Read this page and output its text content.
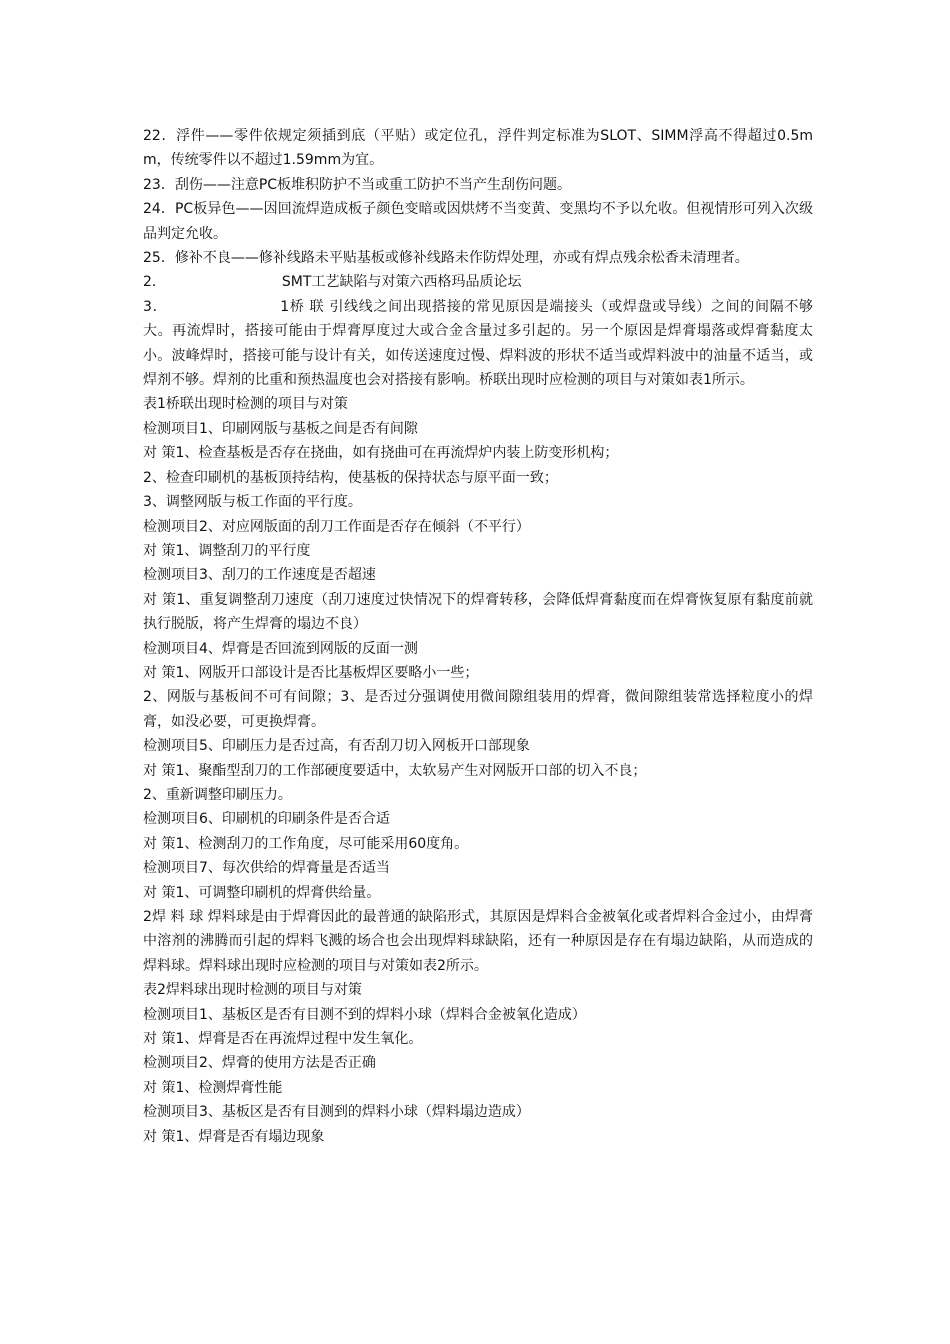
22．浮件——零件依规定须插到底（平贴）或定位孔，浮件判定标准为SLOT、SIMM浮高不得超过0.5mm，传统零件以不超过1.59mm为宜。

23．刮伤——注意PC板堆积防护不当或重工防护不当产生刮伤问题。

24．PC板异色——因回流焊造成板子颜色变暗或因烘烤不当变黄、变黑均不予以允收。但视情形可列入次级品判定允收。

25．修补不良——修补线路未平贴基板或修补线路未作防焊处理，亦或有焊点残余松香未清理者。

2．	SMT工艺缺陷与对策六西格玛品质论坛

3．	1桥 联 引线线之间出现搭接的常见原因是端接头（或焊盘或导线）之间的间隔不够大。再流焊时，搭接可能由于焊膏厚度过大或合金含量过多引起的。另一个原因是焊膏塌落或焊膏黏度太小。波峰焊时，搭接可能与设计有关，如传送速度过慢、焊料波的形状不适当或焊料波中的油量不适当，或焊剂不够。焊剂的比重和预热温度也会对搭接有影响。桥联出现时应检测的项目与对策如表1所示。

表1桥联出现时检测的项目与对策

检测项目1、印刷网版与基板之间是否有间隙

对 策1、检查基板是否存在挠曲，如有挠曲可在再流焊炉内装上防变形机构；

2、检查印刷机的基板顶持结构，使基板的保持状态与原平面一致；

3、调整网版与板工作面的平行度。

检测项目2、对应网版面的刮刀工作面是否存在倾斜（不平行）

对 策1、调整刮刀的平行度

检测项目3、刮刀的工作速度是否超速

对 策1、重复调整刮刀速度（刮刀速度过快情况下的焊膏转移，会降低焊膏黏度而在焊膏恢复原有黏度前就执行脱版，将产生焊膏的塌边不良）

检测项目4、焊膏是否回流到网版的反面一测

对 策1、网版开口部设计是否比基板焊区要略小一些；

2、网版与基板间不可有间隙；3、是否过分强调使用微间隙组装用的焊膏，微间隙组装常选择粒度小的焊膏，如没必要，可更换焊膏。

检测项目5、印刷压力是否过高，有否刮刀切入网板开口部现象

对 策1、聚酯型刮刀的工作部硬度要适中，太软易产生对网版开口部的切入不良；

2、重新调整印刷压力。

检测项目6、印刷机的印刷条件是否合适

对 策1、检测刮刀的工作角度，尽可能采用60度角。

检测项目7、每次供给的焊膏量是否适当

对 策1、可调整印刷机的焊膏供给量。

2焊 料 球 焊料球是由于焊膏因此的最普通的缺陷形式，其原因是焊料合金被氧化或者焊料合金过小，由焊膏中溶剂的沸腾而引起的焊料飞溅的场合也会出现焊料球缺陷，还有一种原因是存在有塌边缺陷，从而造成的焊料球。焊料球出现时应检测的项目与对策如表2所示。

表2焊料球出现时检测的项目与对策

检测项目1、基板区是否有目测不到的焊料小球（焊料合金被氧化造成）

对 策1、焊膏是否在再流焊过程中发生氧化。

检测项目2、焊膏的使用方法是否正确

对 策1、检测焊膏性能

检测项目3、基板区是否有目测到的焊料小球（焊料塌边造成）

对 策1、焊膏是否有塌边现象
